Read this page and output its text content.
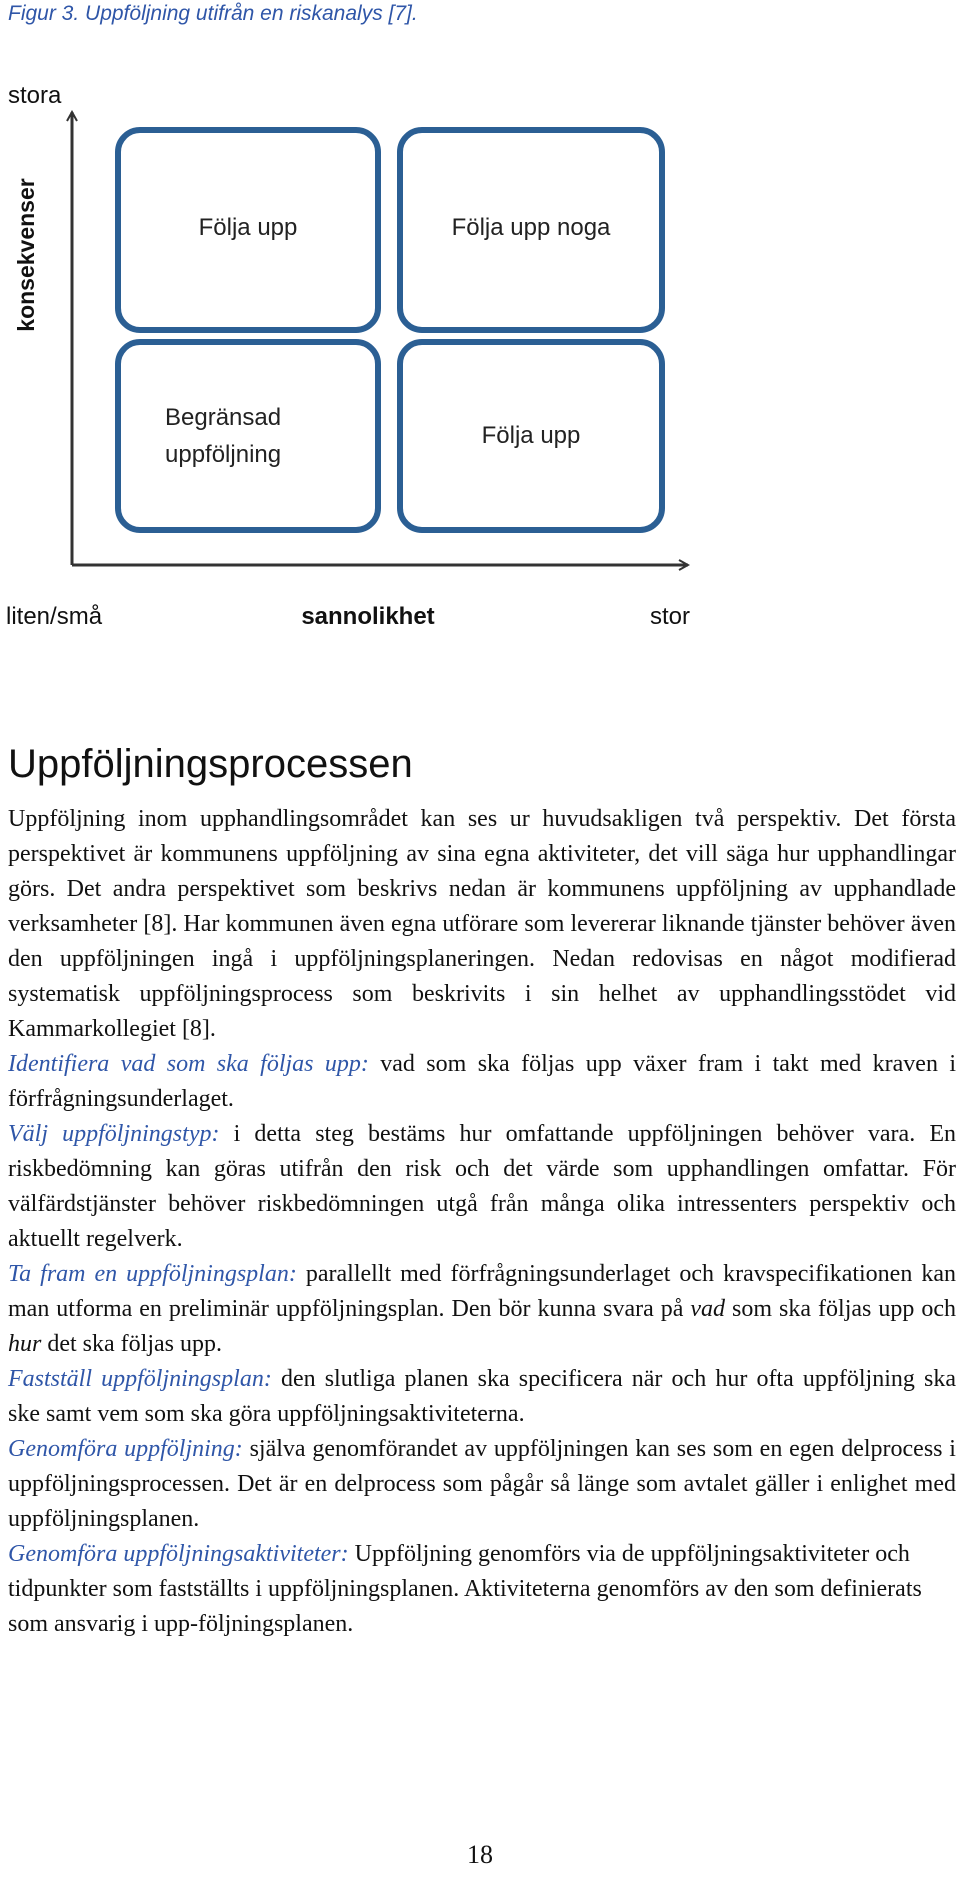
Figur 3. Uppföljning utifrån en riskanalys [7].
stora
konsekvenser	Följa upp	Följa upp noga
Begränsad
uppföljning
Följa upp
liten/små	sannolikhet	stor
Uppföljningsprocessen

Uppföljning inom upphandlingsområdet kan ses ur huvudsakligen två perspektiv. Det första perspektivet är kommunens uppföljning av sina egna aktiviteter, det vill säga hur upphandlingar görs. Det andra perspektivet som beskrivs nedan är kommunens uppföljning av upphandlade verksamheter [8]. Har kommunen även egna utförare som levererar liknande tjänster behöver även den uppföljningen ingå i uppföljningsplaneringen. Nedan redovisas en något modifierad systematisk uppföljningsprocess som beskrivits i sin helhet av upphandlingsstödet vid Kammarkollegiet [8].

Identifiera vad som ska följas upp: vad som ska följas upp växer fram i takt med kraven i förfrågningsunderlaget.

Välj uppföljningstyp: i detta steg bestäms hur omfattande uppföljningen behöver vara. En riskbedömning kan göras utifrån den risk och det värde som upphandlingen omfattar. För välfärdstjänster behöver riskbedömningen utgå från många olika intressenters perspektiv och aktuellt regelverk.

Ta fram en uppföljningsplan: parallellt med förfrågningsunderlaget och kravspecifikationen kan man utforma en preliminär uppföljningsplan. Den bör kunna svara på vad som ska följas upp och hur det ska följas upp.

Fastställ uppföljningsplan: den slutliga planen ska specificera när och hur ofta uppföljning ska ske samt vem som ska göra uppföljningsaktiviteterna.

Genomföra uppföljning: själva genomförandet av uppföljningen kan ses som en egen delprocess i uppföljningsprocessen. Det är en delprocess som pågår så länge som avtalet gäller i enlighet med uppföljningsplanen.

Genomföra uppföljningsaktiviteter: Uppföljning genomförs via de uppföljningsaktiviteter och tidpunkter som fastställts i uppföljningsplanen. Aktiviteterna genomförs av den som definierats som ansvarig i upp-följningsplanen.

18
